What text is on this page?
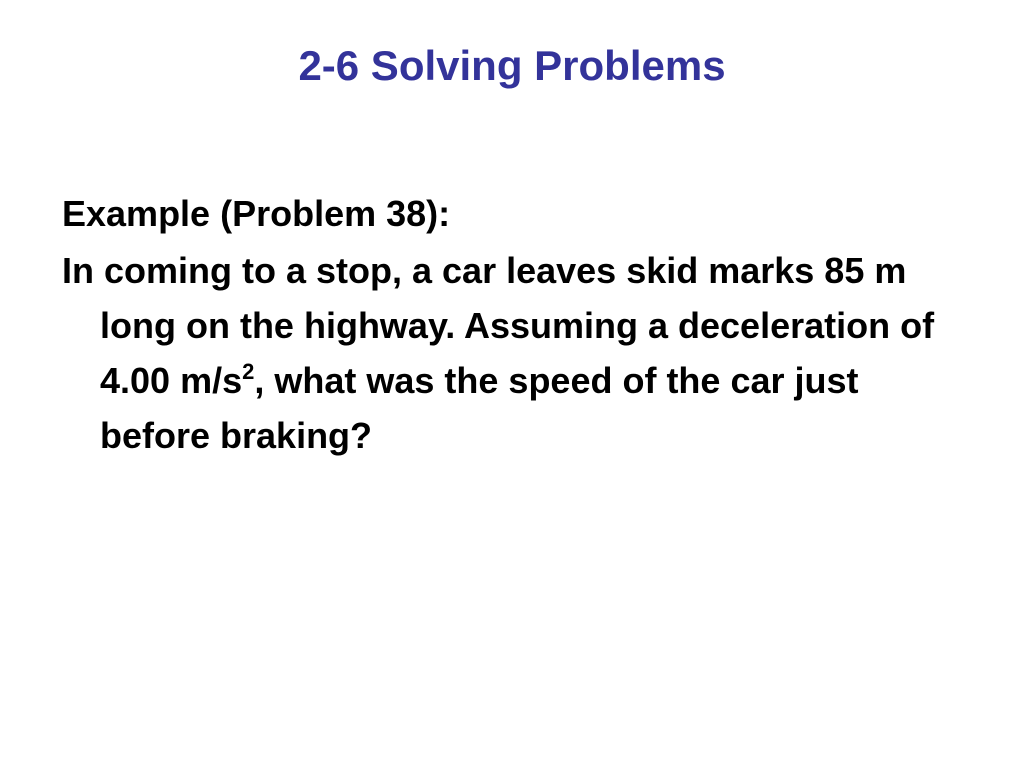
2-6 Solving Problems

Example (Problem 38):

In coming to a stop, a car leaves skid marks 85 m long on the highway. Assuming a deceleration of 4.00 $m/s^2$, what was the speed of the car just before braking?
